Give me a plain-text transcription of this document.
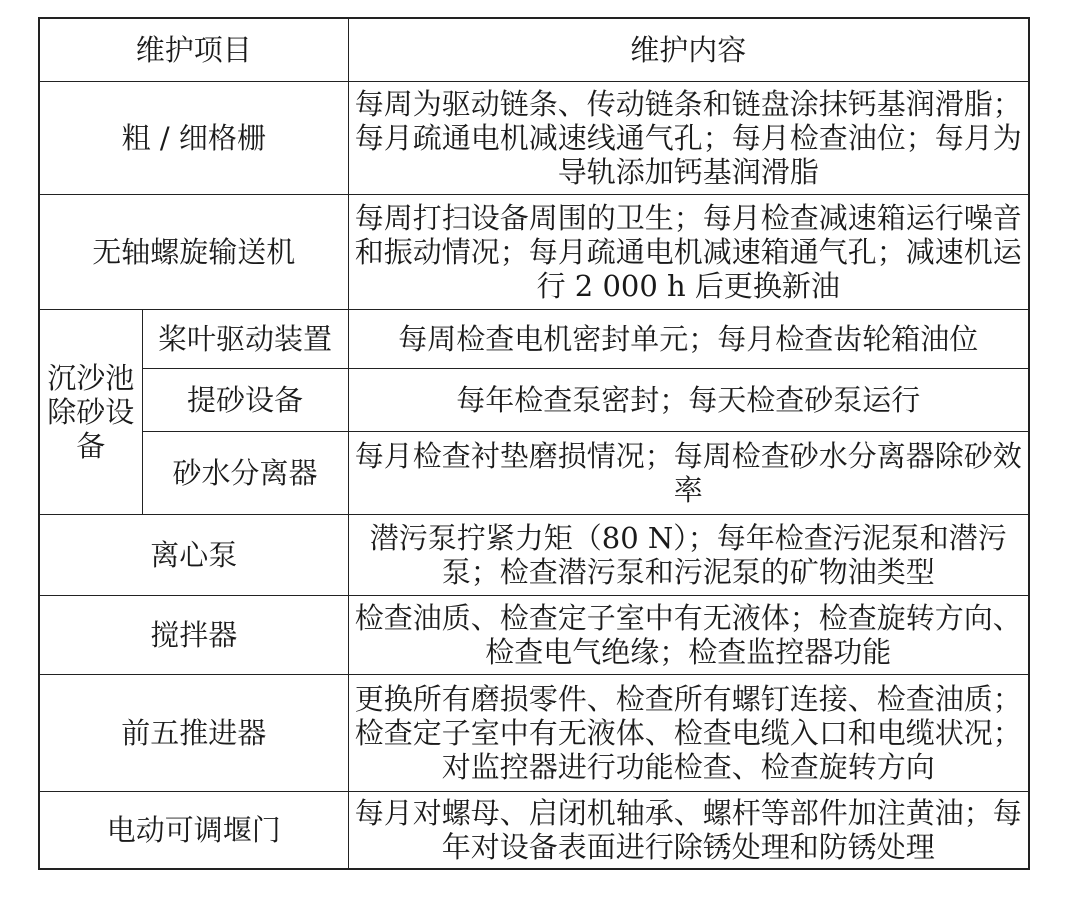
维护项目		维护内容
粗 / 细格栅		每周为驱动链条、传动链条和链盘涂抹钙基润滑脂；每月疏通电机减速线通气孔；每月检查油位；每月为导轨添加钙基润滑脂
无轴螺旋输送机		每周打扫设备周围的卫生；每月检查减速箱运行噪音和振动情况；每月疏通电机减速箱通气孔；减速机运行 2 000 h 后更换新油
沉沙池除砂设备	桨叶驱动装置	每周检查电机密封单元；每月检查齿轮箱油位
	提砂设备	每年检查泵密封；每天检查砂泵运行
	砂水分离器	每月检查衬垫磨损情况；每周检查砂水分离器除砂效率
离心泵		潜污泵拧紧力矩（80 N）；每年检查污泥泵和潜污泵；检查潜污泵和污泥泵的矿物油类型
搅拌器		检查油质、检查定子室中有无液体；检查旋转方向、检查电气绝缘；检查监控器功能
前五推进器		更换所有磨损零件、检查所有螺钉连接、检查油质；检查定子室中有无液体、检查电缆入口和电缆状况；对监控器进行功能检查、检查旋转方向
电动可调堰门		每月对螺母、启闭机轴承、螺杆等部件加注黄油；每年对设备表面进行除锈处理和防锈处理
